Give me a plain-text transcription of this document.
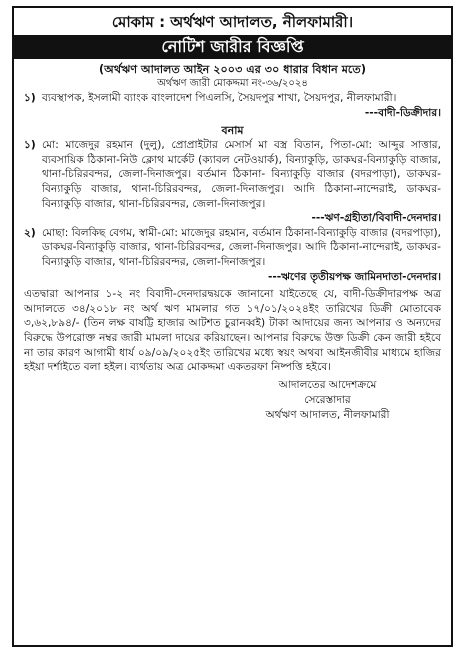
মোকাম : অর্থঋণ আদালত, নীলফামারী।
নোটিশ জারীর বিজ্ঞপ্তি
(অর্থঋণ আদালত আইন ২০০৩ এর ৩০ ধারার বিধান মতে)
অর্থঋণ জারী মোকদ্দমা নং-৩৬/২০২৪
১) ব্যবস্থাপক, ইসলামী ব্যাংক বাংলাদেশ পিএলসি, সৈয়দপুর শাখা, সৈয়দপুর, নীলফামারী।

---বাদী-ডিক্রীদার।

বনাম
১) মো: মাজেদুর রহমান (দুলু), প্রোপ্রাইটার মেসার্স মা বস্ত্র বিতান, পিতা-মো: আব্দুর সাত্তার, ব্যবসায়িক ঠিকানা-নিউ ক্লোথ মার্কেট (ক্যাবল নেটওয়ার্ক), বিন্যাকুড়ি, ডাকঘর-বিন্যাকুড়ি বাজার, থানা-চিরিরবন্দর, জেলা-দিনাজপুর। বর্তমান ঠিকানা- বিন্যাকুড়ি বাজার (বদরপাড়া), ডাকঘর-বিন্যাকুড়ি বাজার, থানা-চিরিরবন্দর, জেলা-দিনাজপুর। আদি ঠিকানা-নান্দেরাই, ডাকঘর-বিন্যাকুড়ি বাজার, থানা-চিরিরবন্দর, জেলা-দিনাজপুর।

---ঋণ-গ্রহীতা/বিবাদী-দেনদার।

২) মোছা: বিলকিছ বেগম, স্বামী-মো: মাজেদুর রহমান, বর্তমান ঠিকানা-বিন্যাকুড়ি বাজার (বদরপাড়া), ডাকঘর-বিন্যাকুড়ি বাজার, থানা-চিরিরবন্দর, জেলা-দিনাজপুর। আদি ঠিকানা-নান্দেরাই, ডাকঘর-বিন্যাকুড়ি বাজার, থানা-চিরিরবন্দর, জেলা-দিনাজপুর।

---ঋণের তৃতীয়পক্ষ জামিনদাতা-দেনদার।

এতদ্বারা আপনার ১-২ নং বিবাদী-দেনদারদ্বয়কে জানানো যাইতেছে যে, বাদী-ডিক্রীদারপক্ষ অত্র আদালতে ৩৪/২০১৮ নং অর্থ ঋণ মামলার গত ১৭/০১/২০২৪ইং তারিখের ডিক্রী মোতাবেক ৩,৬২,৮৯৪/- (তিন লক্ষ বাষট্টি হাজার আটশত চুরানব্বই) টাকা আদায়ের জন্য আপনার ও অন্যদের বিরুদ্ধে উপরোক্ত নম্বর জারী মামলা দায়ের করিয়াছেন। আপনার বিরুদ্ধে উক্ত ডিক্রী কেন জারী হইবে না তার কারণ আগামী ধার্য ০৯/০৯/২০২৫ইং তারিখের মধ্যে স্বয়ং অথবা আইনজীবীর মাধ্যমে হাজির হইয়া দর্শাইতে বলা হইল। ব্যর্থতায় অত্র মোকদ্দমা একতরফা নিষ্পত্তি হইবে।

আদালতের আদেশক্রমে
সেরেস্তাদার
অর্থঋণ আদালত, নীলফামারী
